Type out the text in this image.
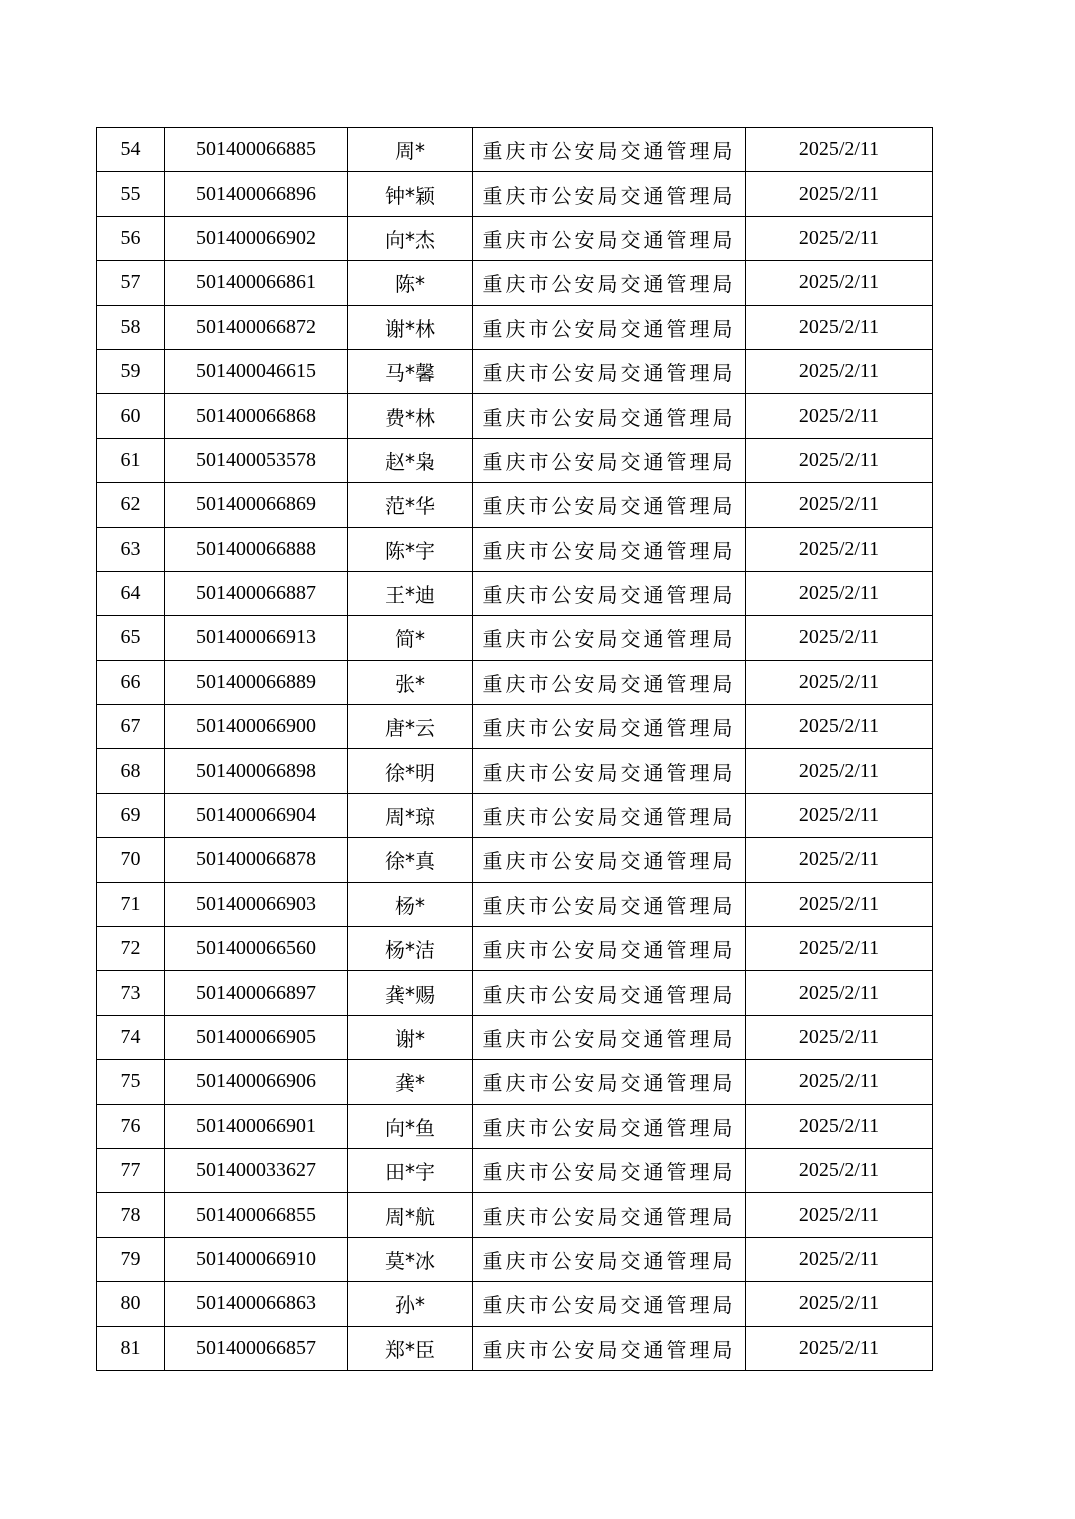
54	501400066885	周*	重庆市公安局交通管理局	2025/2/11
55	501400066896	钟*颖	重庆市公安局交通管理局	2025/2/11
56	501400066902	向*杰	重庆市公安局交通管理局	2025/2/11
57	501400066861	陈*	重庆市公安局交通管理局	2025/2/11
58	501400066872	谢*林	重庆市公安局交通管理局	2025/2/11
59	501400046615	马*馨	重庆市公安局交通管理局	2025/2/11
60	501400066868	费*林	重庆市公安局交通管理局	2025/2/11
61	501400053578	赵*枭	重庆市公安局交通管理局	2025/2/11
62	501400066869	范*华	重庆市公安局交通管理局	2025/2/11
63	501400066888	陈*宇	重庆市公安局交通管理局	2025/2/11
64	501400066887	王*迪	重庆市公安局交通管理局	2025/2/11
65	501400066913	简*	重庆市公安局交通管理局	2025/2/11
66	501400066889	张*	重庆市公安局交通管理局	2025/2/11
67	501400066900	唐*云	重庆市公安局交通管理局	2025/2/11
68	501400066898	徐*明	重庆市公安局交通管理局	2025/2/11
69	501400066904	周*琼	重庆市公安局交通管理局	2025/2/11
70	501400066878	徐*真	重庆市公安局交通管理局	2025/2/11
71	501400066903	杨*	重庆市公安局交通管理局	2025/2/11
72	501400066560	杨*洁	重庆市公安局交通管理局	2025/2/11
73	501400066897	龚*赐	重庆市公安局交通管理局	2025/2/11
74	501400066905	谢*	重庆市公安局交通管理局	2025/2/11
75	501400066906	龚*	重庆市公安局交通管理局	2025/2/11
76	501400066901	向*鱼	重庆市公安局交通管理局	2025/2/11
77	501400033627	田*宇	重庆市公安局交通管理局	2025/2/11
78	501400066855	周*航	重庆市公安局交通管理局	2025/2/11
79	501400066910	莫*冰	重庆市公安局交通管理局	2025/2/11
80	501400066863	孙*	重庆市公安局交通管理局	2025/2/11
81	501400066857	郑*臣	重庆市公安局交通管理局	2025/2/11
